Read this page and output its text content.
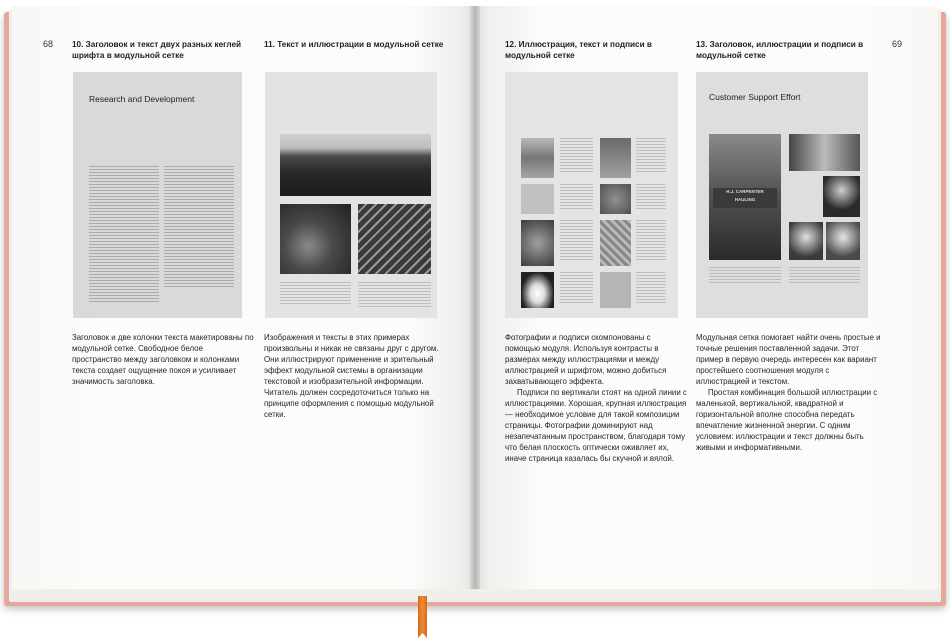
68 10. Заголовок и текст двух разных кеглей шрифта в модульной сетке
11. Текст и иллюстрации в модульной сетке
Research and Development

Заголовок и две колонки текста макетированы по модульной сетке. Свободное белое пространство между заголовком и колонками текста создает ощущение покоя и усиливает значимость заголовка.

Изображения и тексты в этих примерах произвольны и никак не связаны друг с другом. Они иллюстрируют применение и зрительный эффект модульной системы в организации текстовой и изобразительной информации. Читатель должен сосредоточиться только на принципе оформления с помощью модульной сетки.

69
12. Иллюстрация, текст и подписи в модульной сетке
13. Заголовок, иллюстрации и подписи в модульной сетке
Customer Support Effort
H.J. CARPENTER
HAULING

Фотографии и подписи скомпонованы с помощью модуля. Используя контрасты в размерах между иллюстрациями и между иллюстрацией и шрифтом, можно добиться захватывающего эффекта.

Подписи по вертикали стоят на одной линии с иллюстрациями. Хорошая, крупная иллюстрация — необходимое условие для такой композиции страницы. Фотографии доминируют над незапечатанным пространством, благодаря тому что белая плоскость оптически оживляет их, иначе страница казалась бы скучной и вялой.

Модульная сетка помогает найти очень простые и точные решения поставленной задачи. Этот пример в первую очередь интересен как вариант простейшего соотношения модуля с иллюстрацией и текстом.

Простая комбинация большой иллюстрации с маленькой, вертикальной, квадратной и горизонтальной вполне способна передать впечатление жизненной энергии. С одним условием: иллюстрации и текст должны быть живыми и информативными.
